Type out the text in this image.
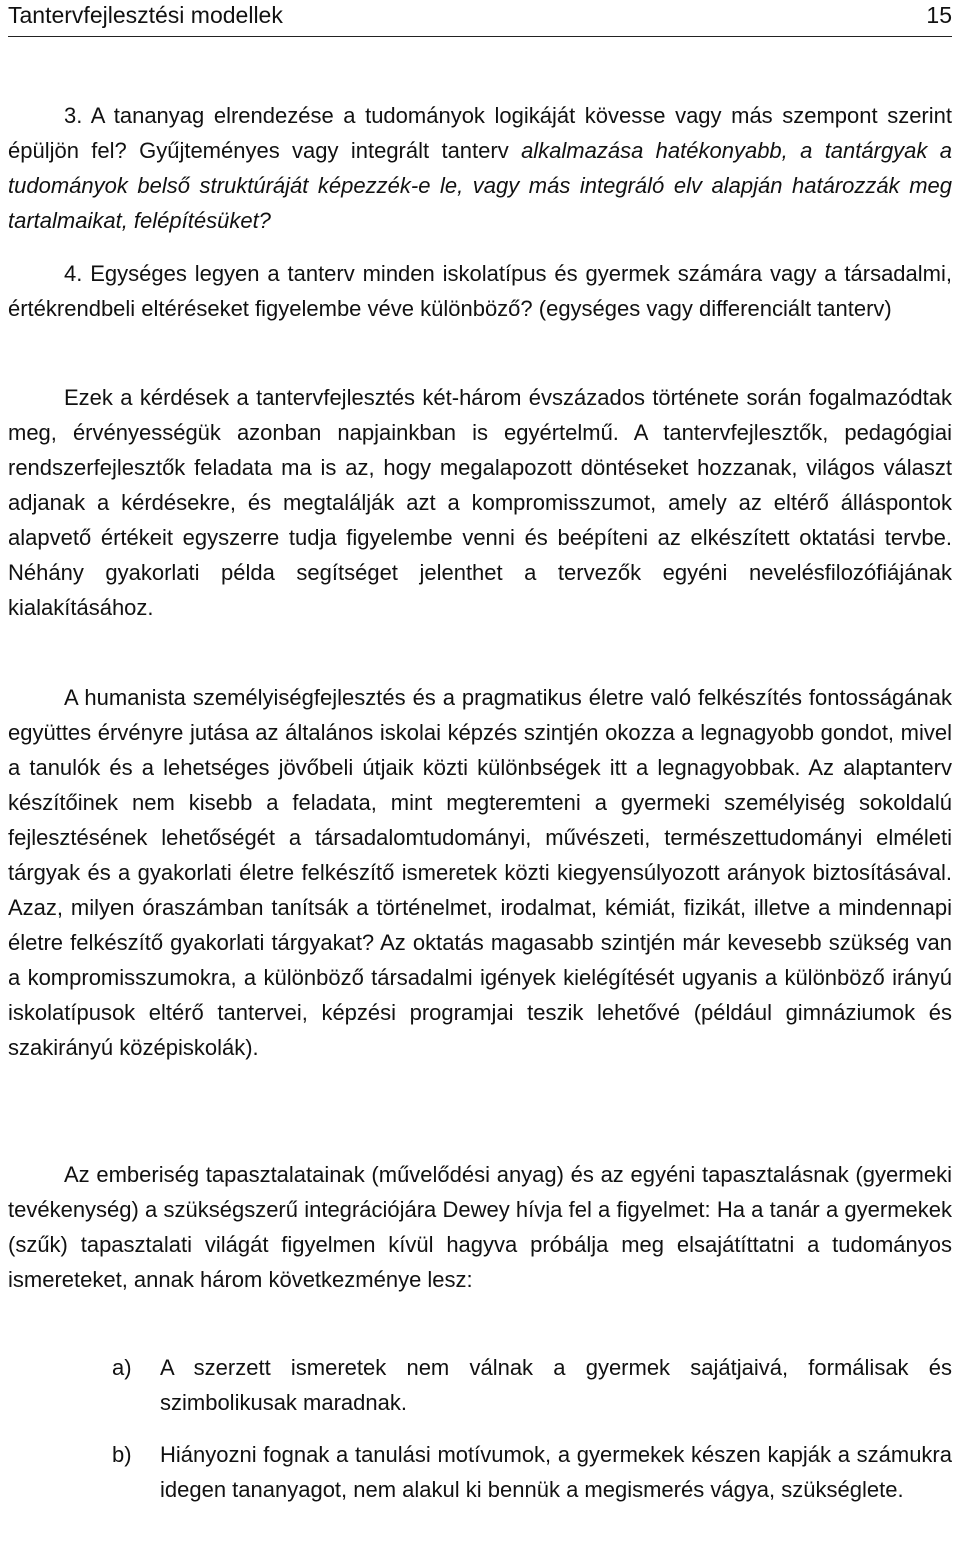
Tantervfejlesztési modellek	15

3. A tananyag elrendezése a tudományok logikáját kövesse vagy más szempont szerint épüljön fel? Gyűjteményes vagy integrált tanterv alkalmazása hatékonyabb, a tantárgyak a tudományok belső struktúráját képezzék-e le, vagy más integráló elv alapján határozzák meg tartalmaikat, felépítésüket?

4. Egységes legyen a tanterv minden iskolatípus és gyermek számára vagy a társadalmi, értékrendbeli eltéréseket figyelembe véve különböző? (egységes vagy differenciált tanterv)

Ezek a kérdések a tantervfejlesztés két-három évszázados története során fogalmazódtak meg, érvényességük azonban napjainkban is egyértelmű. A tantervfejlesztők, pedagógiai rendszerfejlesztők feladata ma is az, hogy megalapozott döntéseket hozzanak, világos választ adjanak a kérdésekre, és megtalálják azt a kompromisszumot, amely az eltérő álláspontok alapvető értékeit egyszerre tudja figyelembe venni és beépíteni az elkészített oktatási tervbe. Néhány gyakorlati példa segítséget jelenthet a tervezők egyéni nevelésfilozófiájának kialakításához.

A humanista személyiségfejlesztés és a pragmatikus életre való felkészítés fontosságának együttes érvényre jutása az általános iskolai képzés szintjén okozza a legnagyobb gondot, mivel a tanulók és a lehetséges jövőbeli útjaik közti különbségek itt a legnagyobbak. Az alaptanterv készítőinek nem kisebb a feladata, mint megteremteni a gyermeki személyiség sokoldalú fejlesztésének lehetőségét a társadalomtudományi, művészeti, természettudományi elméleti tárgyak és a gyakorlati életre felkészítő ismeretek közti kiegyensúlyozott arányok biztosításával. Azaz, milyen óraszámban tanítsák a történelmet, irodalmat, kémiát, fizikát, illetve a mindennapi életre felkészítő gyakorlati tárgyakat? Az oktatás magasabb szintjén már kevesebb szükség van a kompromisszumokra, a különböző társadalmi igények kielégítését ugyanis a különböző irányú iskolatípusok eltérő tantervei, képzési programjai teszik lehetővé (például gimnáziumok és szakirányú középiskolák).

Az emberiség tapasztalatainak (művelődési anyag) és az egyéni tapasztalásnak (gyermeki tevékenység) a szükségszerű integrációjára Dewey hívja fel a figyelmet: Ha a tanár a gyermekek (szűk) tapasztalati világát figyelmen kívül hagyva próbálja meg elsajátíttatni a tudományos ismereteket, annak három következménye lesz:

a) A szerzett ismeretek nem válnak a gyermek sajátjaivá, formálisak és szimbolikusak maradnak.
b) Hiányozni fognak a tanulási motívumok, a gyermekek készen kapják a számukra idegen tananyagot, nem alakul ki bennük a megismerés vágya, szükséglete.
